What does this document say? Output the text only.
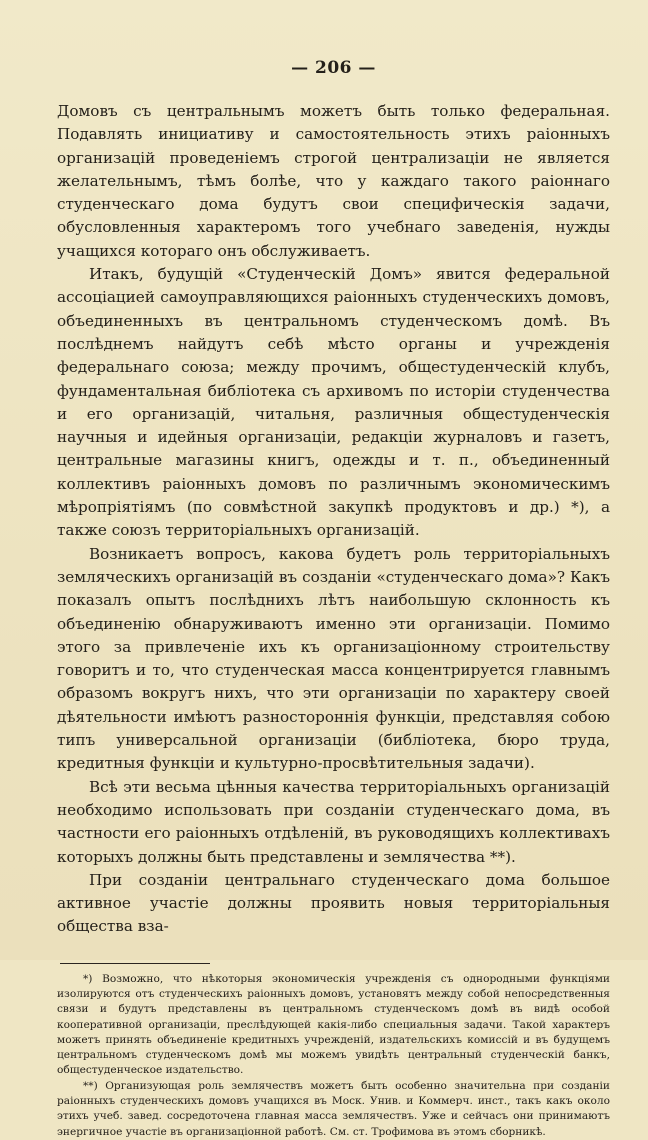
— 206 —

Домовъ съ центральнымъ можетъ быть только федеральная. Подавлять инициативу и самостоятельность этихъ раіонныхъ организацій проведеніемъ строгой централизаціи не является желательнымъ, тѣмъ болѣе, что у каждаго такого раіоннаго студенческаго дома будутъ свои специфическія задачи, обусловленныя характеромъ того учебнаго заведенія, нужды учащихся котораго онъ обслуживаетъ.

Итакъ, будущій «Студенческій Домъ» явится федеральной ассоціацией самоуправляющихся раіонныхъ студенческихъ домовъ, объединенныхъ въ центральномъ студенческомъ домѣ. Въ послѣднемъ найдутъ себѣ мѣсто органы и учрежденія федеральнаго союза; между прочимъ, общестуденческій клубъ, фундаментальная библіотека съ архивомъ по исторіи студенчества и его организацій, читальня, различныя общестуденческія научныя и идейныя организаціи, редакціи журналовъ и газетъ, центральные магазины книгъ, одежды и т. п., объединенный коллективъ раіонныхъ домовъ по различнымъ экономическимъ мѣропріятіямъ (по совмѣстной закупкѣ продуктовъ и др.) *), а также союзъ территоріальныхъ организацій.

Возникаетъ вопросъ, какова будетъ роль территоріальныхъ земляческихъ организацій въ созданіи «студенческаго дома»? Какъ показалъ опытъ послѣднихъ лѣтъ наибольшую склонность къ объединенію обнаруживаютъ именно эти организаціи. Помимо этого за привлеченіе ихъ къ организаціонному строительству говоритъ и то, что студенческая масса концентрируется главнымъ образомъ вокругъ нихъ, что эти организаціи по характеру своей дѣятельности имѣютъ разностороннія функціи, представляя собою типъ универсальной организаціи (библіотека, бюро труда, кредитныя функціи и культурно-просвѣтительныя задачи).

Всѣ эти весьма цѣнныя качества территоріальныхъ организацій необходимо использовать при созданіи студенческаго дома, въ частности его раіонныхъ отдѣленій, въ руководящихъ коллективахъ которыхъ должны быть представлены и землячества **).

При созданіи центральнаго студенческаго дома большое активное участіе должны проявить новыя территоріальныя общества вза-

*) Возможно, что нѣкоторыя экономическія учрежденія съ однородными функціями изолируются отъ студенческихъ раіонныхъ домовъ, установятъ между собой непосредственныя связи и будутъ представлены въ центральномъ студенческомъ домѣ въ видѣ особой кооперативной организаціи, преслѣдующей какія-либо специальныя задачи. Такой характеръ можетъ принять объединеніе кредитныхъ учрежденій, издательскихъ комиссій и въ будущемъ центральномъ студенческомъ домѣ мы можемъ увидѣть центральный студенческій банкъ, общестуденческое издательство.

**) Организующая роль землячествъ можетъ быть особенно значительна при созданіи раіонныхъ студенческихъ домовъ учащихся въ Моск. Унив. и Коммерч. инст., такъ какъ около этихъ учеб. завед. сосредоточена главная масса землячествъ. Уже и сейчасъ они принимаютъ энергичное участіе въ организаціонной работѣ. См. ст. Трофимова въ этомъ сборникѣ.
